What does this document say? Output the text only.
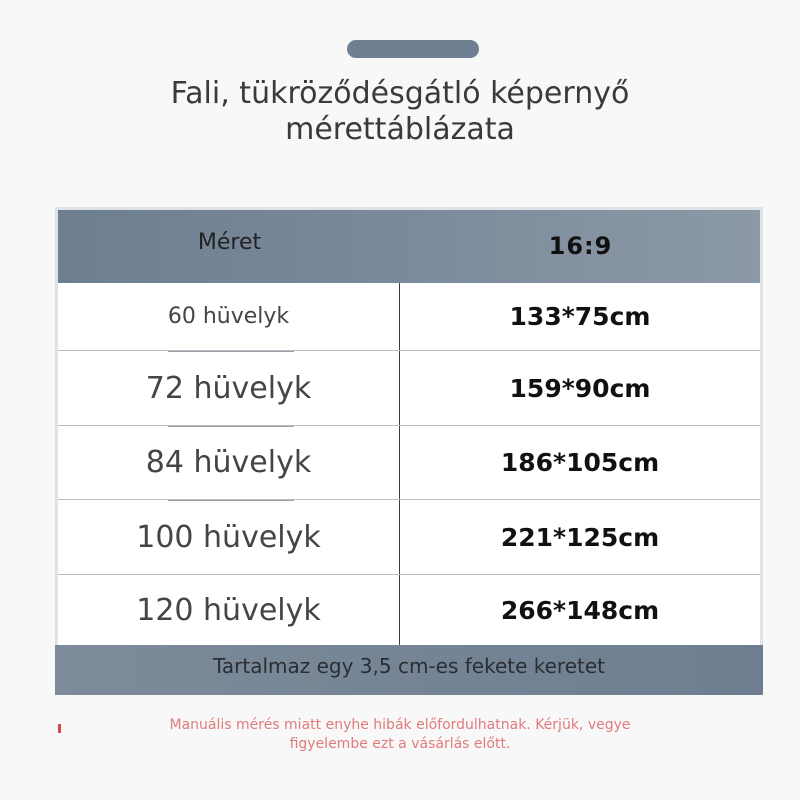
Fali, tükröződésgátló képernyő
mérettáblázata
Méret	16:9
60 hüvelyk	133*75cm
72 hüvelyk	159*90cm
84 hüvelyk	186*105cm
100 hüvelyk	221*125cm
120 hüvelyk	266*148cm
Tartalmaz egy 3,5 cm-es fekete keretet
Manuális mérés miatt enyhe hibák előfordulhatnak. Kérjük, vegye
figyelembe ezt a vásárlás előtt.
